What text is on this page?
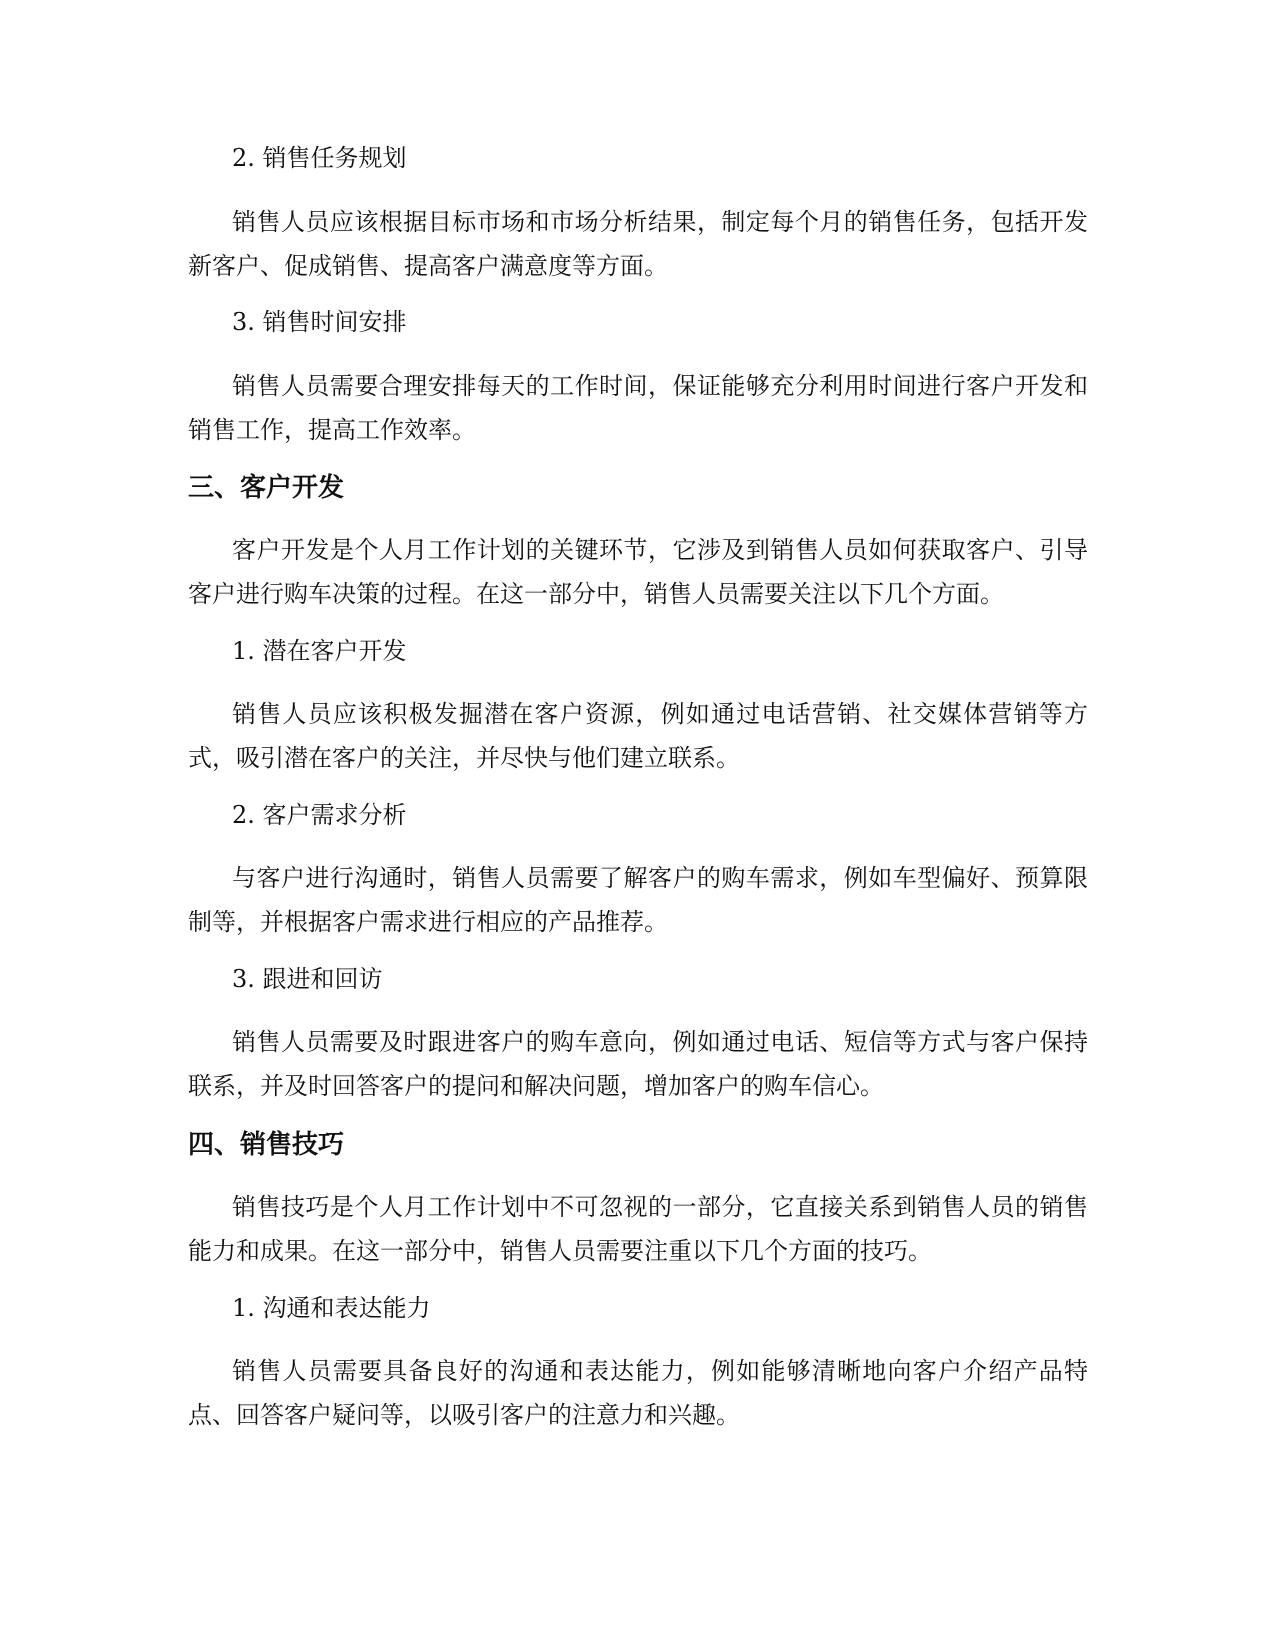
2. 销售任务规划

销售人员应该根据目标市场和市场分析结果，制定每个月的销售任务，包括开发新客户、促成销售、提高客户满意度等方面。

3. 销售时间安排

销售人员需要合理安排每天的工作时间，保证能够充分利用时间进行客户开发和销售工作，提高工作效率。

三、客户开发

客户开发是个人月工作计划的关键环节，它涉及到销售人员如何获取客户、引导客户进行购车决策的过程。在这一部分中，销售人员需要关注以下几个方面。

1. 潜在客户开发

销售人员应该积极发掘潜在客户资源，例如通过电话营销、社交媒体营销等方式，吸引潜在客户的关注，并尽快与他们建立联系。

2. 客户需求分析

与客户进行沟通时，销售人员需要了解客户的购车需求，例如车型偏好、预算限制等，并根据客户需求进行相应的产品推荐。

3. 跟进和回访

销售人员需要及时跟进客户的购车意向，例如通过电话、短信等方式与客户保持联系，并及时回答客户的提问和解决问题，增加客户的购车信心。

四、销售技巧

销售技巧是个人月工作计划中不可忽视的一部分，它直接关系到销售人员的销售能力和成果。在这一部分中，销售人员需要注重以下几个方面的技巧。

1. 沟通和表达能力

销售人员需要具备良好的沟通和表达能力，例如能够清晰地向客户介绍产品特点、回答客户疑问等，以吸引客户的注意力和兴趣。
